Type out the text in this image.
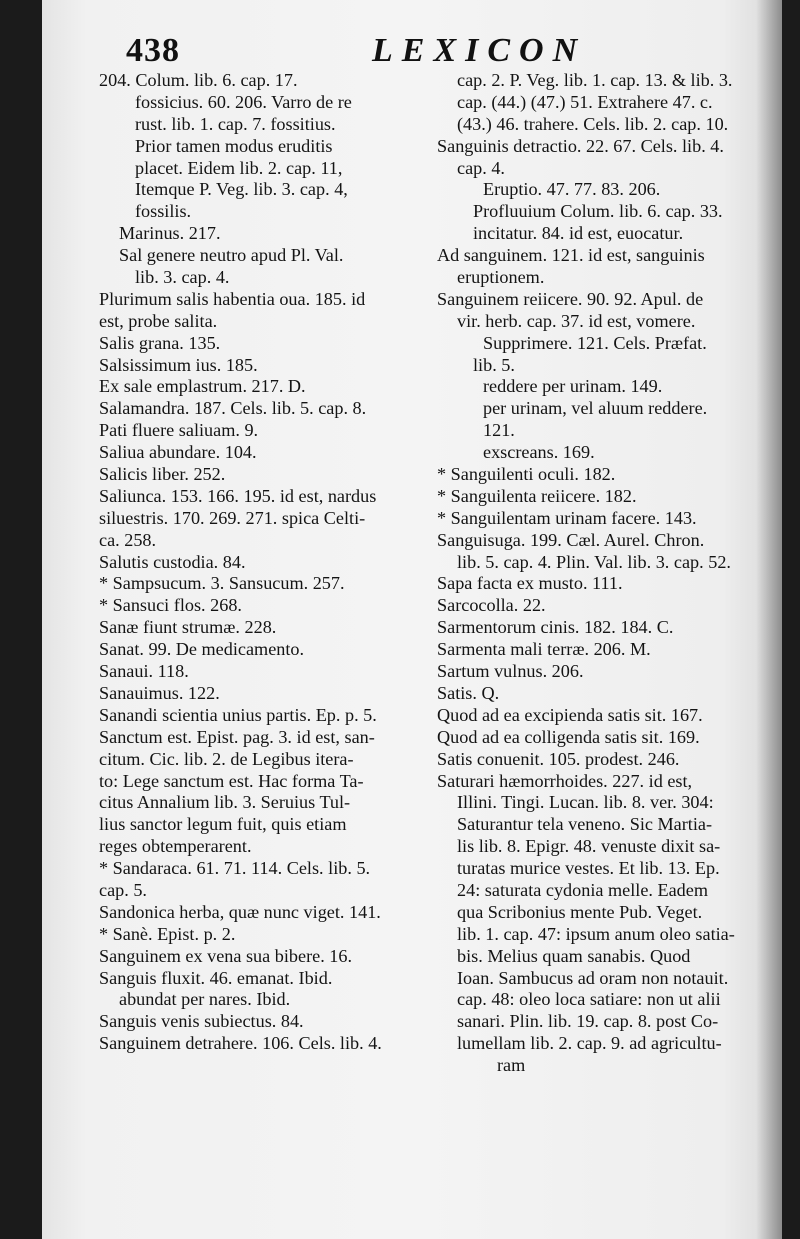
438	LEXICON
204. Colum. lib. 6. cap. 17.
fossicius. 60. 206. Varro de re
rust. lib. 1. cap. 7. fossitius.
Prior tamen modus eruditis
placet. Eidem lib. 2. cap. 11,
Itemque P. Veg. lib. 3. cap. 4,
fossilis.
Marinus. 217.
Sal genere neutro apud Pl. Val.
lib. 3. cap. 4.
Plurimum salis habentia oua. 185. id
est, probe salita.
Salis grana. 135.
Salsissimum ius. 185.
Ex sale emplastrum. 217. D.
Salamandra. 187. Cels. lib. 5. cap. 8.
Pati fluere saliuam. 9.
Saliua abundare. 104.
Salicis liber. 252.
Saliunca. 153. 166. 195. id est, nardus
siluestris. 170. 269. 271. spica Celti-
ca. 258.
Salutis custodia. 84.
* Sampsucum. 3. Sansucum. 257.
* Sansuci flos. 268.
Sanæ fiunt strumæ. 228.
Sanat. 99. De medicamento.
Sanaui. 118.
Sanauimus. 122.
Sanandi scientia unius partis. Ep. p. 5.
Sanctum est. Epist. pag. 3. id est, san-
citum. Cic. lib. 2. de Legibus itera-
to: Lege sanctum est. Hac forma Ta-
citus Annalium lib. 3. Seruius Tul-
lius sanctor legum fuit, quis etiam
reges obtemperarent.
* Sandaraca. 61. 71. 114. Cels. lib. 5.
cap. 5.
Sandonica herba, quæ nunc viget. 141.
* Sanè. Epist. p. 2.
Sanguinem ex vena sua bibere. 16.
Sanguis fluxit. 46. emanat. Ibid.
abundat per nares. Ibid.
Sanguis venis subiectus. 84.
Sanguinem detrahere. 106. Cels. lib. 4.
cap. 2. P. Veg. lib. 1. cap. 13. & lib. 3.
cap. (44.) (47.) 51. Extrahere 47. c.
(43.) 46. trahere. Cels. lib. 2. cap. 10.
Sanguinis detractio. 22. 67. Cels. lib. 4.
cap. 4.
Eruptio. 47. 77. 83. 206.
Profluuium Colum. lib. 6. cap. 33.
incitatur. 84. id est, euocatur.
Ad sanguinem. 121. id est, sanguinis
eruptionem.
Sanguinem reiicere. 90. 92. Apul. de
vir. herb. cap. 37. id est, vomere.
Supprimere. 121. Cels. Præfat.
lib. 5.
reddere per urinam. 149.
per urinam, vel aluum reddere.
121.
exscreans. 169.
* Sanguilenti oculi. 182.
* Sanguilenta reiicere. 182.
* Sanguilentam urinam facere. 143.
Sanguisuga. 199. Cæl. Aurel. Chron.
lib. 5. cap. 4. Plin. Val. lib. 3. cap. 52.
Sapa facta ex musto. 111.
Sarcocolla. 22.
Sarmentorum cinis. 182. 184. C.
Sarmenta mali terræ. 206. M.
Sartum vulnus. 206.
Satis. Q.
Quod ad ea excipienda satis sit. 167.
Quod ad ea colligenda satis sit. 169.
Satis conuenit. 105. prodest. 246.
Saturari hæmorrhoides. 227. id est,
Illini. Tingi. Lucan. lib. 8. ver. 304:
Saturantur tela veneno. Sic Martia-
lis lib. 8. Epigr. 48. venuste dixit sa-
turatas murice vestes. Et lib. 13. Ep.
24: saturata cydonia melle. Eadem
qua Scribonius mente Pub. Veget.
lib. 1. cap. 47: ipsum anum oleo satia-
bis. Melius quam sanabis. Quod
Ioan. Sambucus ad oram non notauit.
cap. 48: oleo loca satiare: non ut alii
sanari. Plin. lib. 19. cap. 8. post Co-
lumellam lib. 2. cap. 9. ad agricultu-
ram
